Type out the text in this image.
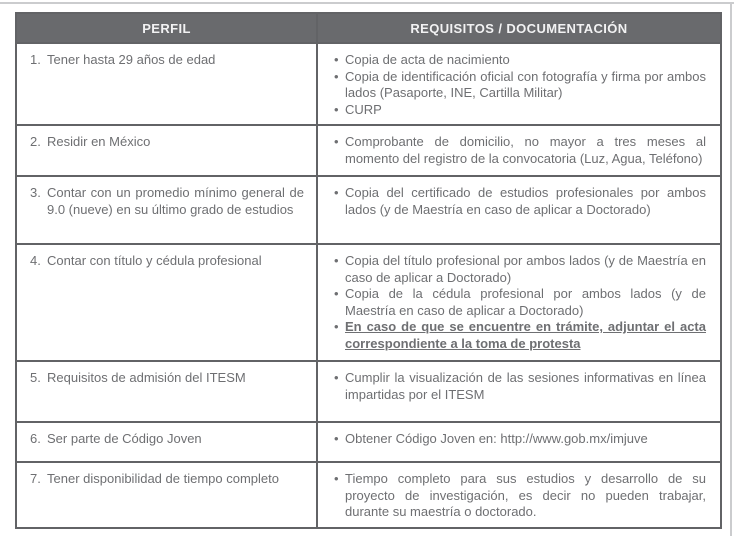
PERFIL	REQUISITOS / DOCUMENTACIÓN

1. Tener hasta 29 años de edad	• Copia de acta de nacimiento
• Copia de identificación oficial con fotografía y firma por ambos lados (Pasaporte, INE, Cartilla Militar)
• CURP

2. Residir en México	• Comprobante de domicilio, no mayor a tres meses al momento del registro de la convocatoria (Luz, Agua, Teléfono)

3. Contar con un promedio mínimo general de 9.0 (nueve) en su último grado de estudios	• Copia del certificado de estudios profesionales por ambos lados (y de Maestría en caso de aplicar a Doctorado)

4. Contar con título y cédula profesional	• Copia del título profesional por ambos lados (y de Maestría en caso de aplicar a Doctorado)
• Copia de la cédula profesional por ambos lados (y de Maestría en caso de aplicar a Doctorado)
• En caso de que se encuentre en trámite, adjuntar el acta correspondiente a la toma de protesta

5. Requisitos de admisión del ITESM	• Cumplir la visualización de las sesiones informativas en línea impartidas por el ITESM

6. Ser parte de Código Joven	• Obtener Código Joven en: http://www.gob.mx/imjuve

7. Tener disponibilidad de tiempo completo	• Tiempo completo para sus estudios y desarrollo de su proyecto de investigación, es decir no pueden trabajar, durante su maestría o doctorado.
